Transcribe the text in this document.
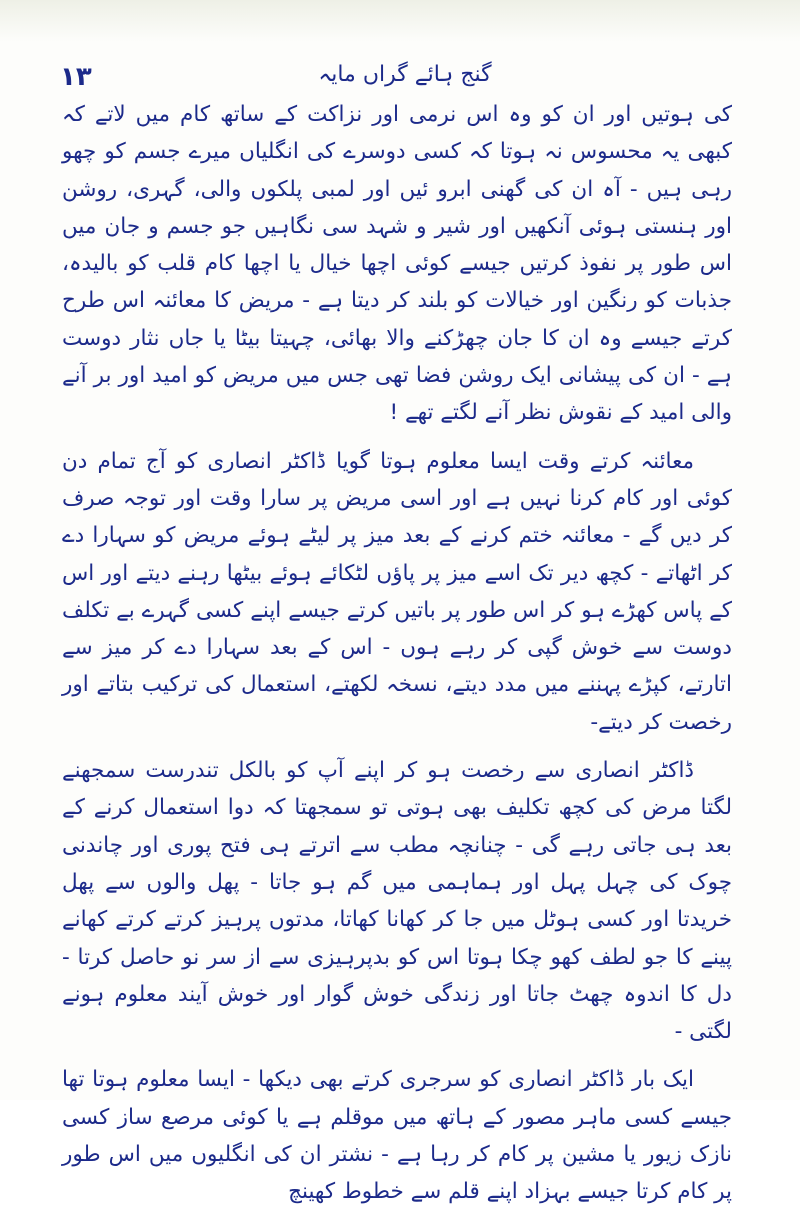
۱۳	گنج ہائے گراں مایہ

کی ہوتیں اور ان کو وہ اس نرمی اور نزاکت کے ساتھ کام میں لاتے کہ کبھی یہ محسوس نہ ہوتا کہ کسی دوسرے کی انگلیاں میرے جسم کو چھو رہی ہیں - آہ ان کی گھنی ابرو ئیں اور لمبی پلکوں والی، گہری، روشن اور ہنستی ہوئی آنکھیں اور شیر و شہد سی نگاہیں جو جسم و جان میں اس طور پر نفوذ کرتیں جیسے کوئی اچھا خیال یا اچھا کام قلب کو بالیدہ، جذبات کو رنگین اور خیالات کو بلند کر دیتا ہے - مریض کا معائنہ اس طرح کرتے جیسے وہ ان کا جان چھڑکنے والا بھائی، چہیتا بیٹا یا جاں نثار دوست ہے - ان کی پیشانی ایک روشن فضا تھی جس میں مریض کو امید اور بر آنے والی امید کے نقوش نظر آنے لگتے تھے !

معائنہ کرتے وقت ایسا معلوم ہوتا گویا ڈاکٹر انصاری کو آج تمام دن کوئی اور کام کرنا نہیں ہے اور اسی مریض پر سارا وقت اور توجہ صرف کر دیں گے - معائنہ ختم کرنے کے بعد میز پر لیٹے ہوئے مریض کو سہارا دے کر اٹھاتے - کچھ دیر تک اسے میز پر پاؤں لٹکائے ہوئے بیٹھا رہنے دیتے اور اس کے پاس کھڑے ہو کر اس طور پر باتیں کرتے جیسے اپنے کسی گہرے بے تکلف دوست سے خوش گپی کر رہے ہوں - اس کے بعد سہارا دے کر میز سے اتارتے، کپڑے پہننے میں مدد دیتے، نسخہ لکھتے، استعمال کی ترکیب بتاتے اور رخصت کر دیتے-

ڈاکٹر انصاری سے رخصت ہو کر اپنے آپ کو بالکل تندرست سمجھنے لگتا مرض کی کچھ تکلیف بھی ہوتی تو سمجھتا کہ دوا استعمال کرنے کے بعد ہی جاتی رہے گی - چنانچہ مطب سے اترتے ہی فتح پوری اور چاندنی چوک کی چہل پہل اور ہماہمی میں گم ہو جاتا - پھل والوں سے پھل خریدتا اور کسی ہوٹل میں جا کر کھانا کھاتا، مدتوں پرہیز کرتے کرتے کھانے پینے کا جو لطف کھو چکا ہوتا اس کو بدپرہیزی سے از سر نو حاصل کرتا - دل کا اندوہ چھٹ جاتا اور زندگی خوش گوار اور خوش آیند معلوم ہونے لگتی -

ایک بار ڈاکٹر انصاری کو سرجری کرتے بھی دیکھا - ایسا معلوم ہوتا تھا جیسے کسی ماہر مصور کے ہاتھ میں موقلم ہے یا کوئی مرصع ساز کسی نازک زیور یا مشین پر کام کر رہا ہے - نشتر ان کی انگلیوں میں اس طور پر کام کرتا جیسے بہزاد اپنے قلم سے خطوط کھینچ
